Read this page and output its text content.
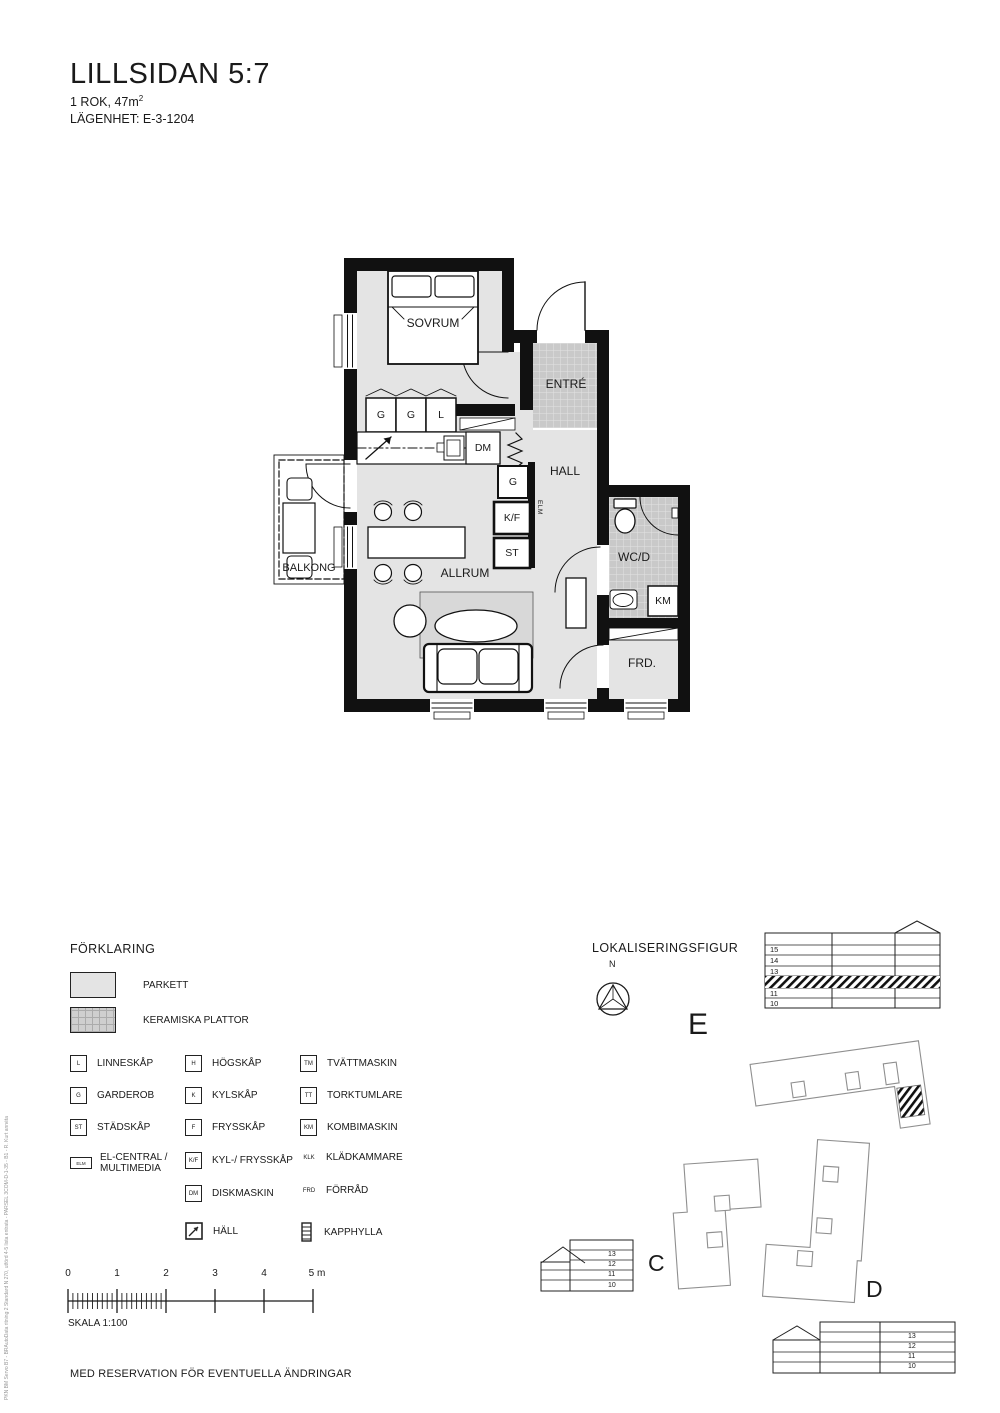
LILLSIDAN 5:7
1 ROK, $47m^2$
LÄGENHET: E-3-1204
SOVRUM
ENTRÉ
HALL
ALLRUM
BALKONG
WC/D
FRD.
G G L
DM
G
K/F
ST
KM
ELM
FÖRKLARING
PARKETT
KERAMISKA PLATTOR
L	LINNESKÅP
G	GARDEROB
ST	STÄDSKÅP
ELM	EL-CENTRAL /
MULTIMEDIA
H	HÖGSKÅP
K	KYLSKÅP
F	FRYSSKÅP
K/F	KYL-/ FRYSSKÅP
DM	DISKMASKIN
HÄLL
TM	TVÄTTMASKIN
TT	TORKTUMLARE
KM	KOMBIMASKIN
KLK	KLÄDKAMMARE
FRD FÖRRÅD
KAPPHYLLA
0	1	2	3	4	5 m
SKALA 1:100
LOKALISERINGSFIGUR
N
E
C
D
15
14
13
11
10
13
12
11
10
13
12
11
10
MED RESERVATION FÖR EVENTUELLA ÄNDRINGAR
PKN BM Servo B7 - BRAutoData ritning 2 Standard N 270, utförd 4-5 lista entrata - PARSEL 3COM-D-1-35 - B1 - R. Kurt annéta
